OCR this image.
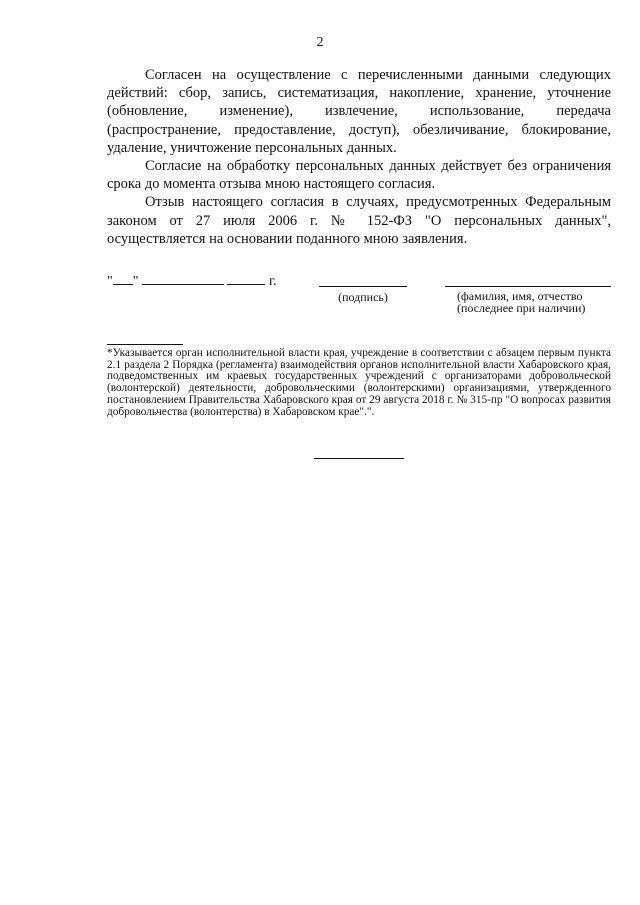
2

Согласен на осуществление с перечисленными данными следующих действий: сбор, запись, систематизация, накопление, хранение, уточнение (обновление, изменение), извлечение, использование, передача (распространение, предоставление, доступ), обезличивание, блокирование, удаление, уничтожение персональных данных.

Согласие на обработку персональных данных действует без ограничения срока до момента отзыва мною настоящего согласия.

Отзыв настоящего согласия в случаях, предусмотренных Федеральным законом от 27 июля 2006 г. № 152-ФЗ "О персональных данных", осуществляется на основании поданного мною заявления.

" "	г.
(подпись)	(фамилия, имя, отчество
(последнее при наличии)
*Указывается орган исполнительной власти края, учреждение в соответствии с абзацем первым пункта 2.1 раздела 2 Порядка (регламента) взаимодействия органов исполнительной власти Хабаровского края, подведомственных им краевых государственных учреждений с организаторами добровольческой (волонтерской) деятельности, добровольческими (волонтерскими) организациями, утвержденного постановлением Правительства Хабаровского края от 29 августа 2018 г. № 315-пр "О вопросах развития добровольчества (волонтерства) в Хабаровском крае".".
